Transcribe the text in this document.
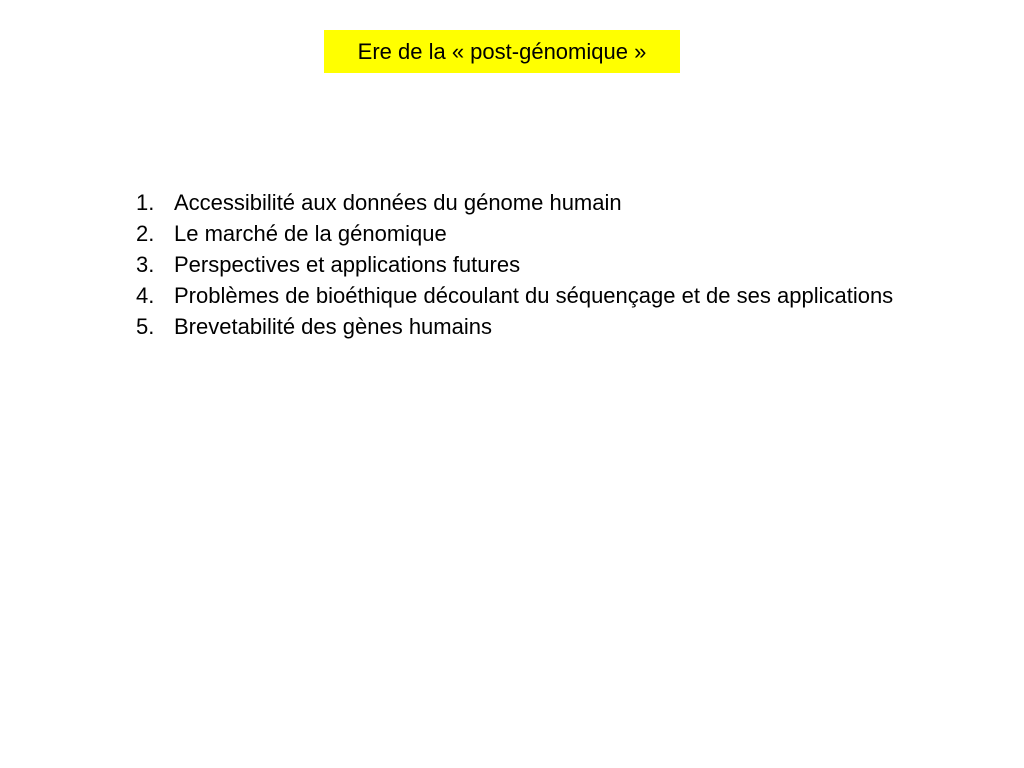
Ere de la « post-génomique »
1. Accessibilité aux données du génome humain
2. Le marché de la génomique
3. Perspectives et applications futures
4. Problèmes de bioéthique découlant du séquençage et de ses applications
5. Brevetabilité des gènes humains
